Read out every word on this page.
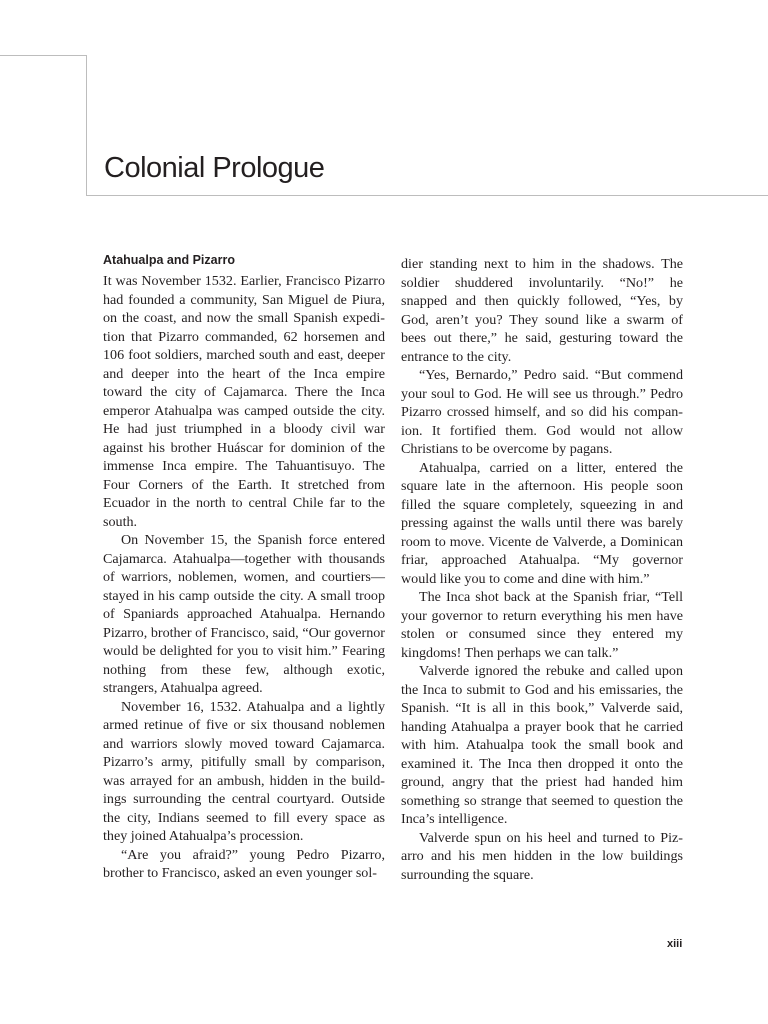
Colonial Prologue
Atahualpa and Pizarro

It was November 1532. Earlier, Francisco Pizarro had founded a community, San Miguel de Piura, on the coast, and now the small Spanish expedition that Pizarro commanded, 62 horsemen and 106 foot soldiers, marched south and east, deeper and deeper into the heart of the Inca empire toward the city of Cajamarca. There the Inca emperor Atahualpa was camped outside the city. He had just triumphed in a bloody civil war against his brother Huáscar for dominion of the immense Inca empire. The Tahuantisuyo. The Four Corners of the Earth. It stretched from Ecuador in the north to central Chile far to the south.

On November 15, the Spanish force entered Cajamarca. Atahualpa—together with thousands of warriors, noblemen, women, and courtiers—stayed in his camp outside the city. A small troop of Spaniards approached Atahualpa. Hernando Pizarro, brother of Francisco, said, “Our governor would be delighted for you to visit him.” Fearing nothing from these few, although exotic, strangers, Atahualpa agreed.

November 16, 1532. Atahualpa and a lightly armed retinue of five or six thousand noblemen and warriors slowly moved toward Cajamarca. Pizarro’s army, pitifully small by comparison, was arrayed for an ambush, hidden in the buildings surrounding the central courtyard. Outside the city, Indians seemed to fill every space as they joined Atahualpa’s procession.

“Are you afraid?” young Pedro Pizarro, brother to Francisco, asked an even younger sol-

dier standing next to him in the shadows. The soldier shuddered involuntarily. “No!” he snapped and then quickly followed, “Yes, by God, aren’t you? They sound like a swarm of bees out there,” he said, gesturing toward the entrance to the city.

“Yes, Bernardo,” Pedro said. “But commend your soul to God. He will see us through.” Pedro Pizarro crossed himself, and so did his companion. It fortified them. God would not allow Christians to be overcome by pagans.

Atahualpa, carried on a litter, entered the square late in the afternoon. His people soon filled the square completely, squeezing in and pressing against the walls until there was barely room to move. Vicente de Valverde, a Dominican friar, approached Atahualpa. “My governor would like you to come and dine with him.”

The Inca shot back at the Spanish friar, “Tell your governor to return everything his men have stolen or consumed since they entered my kingdoms! Then perhaps we can talk.”

Valverde ignored the rebuke and called upon the Inca to submit to God and his emissaries, the Spanish. “It is all in this book,” Valverde said, handing Atahualpa a prayer book that he carried with him. Atahualpa took the small book and examined it. The Inca then dropped it onto the ground, angry that the priest had handed him something so strange that seemed to question the Inca’s intelligence.

Valverde spun on his heel and turned to Pizarro and his men hidden in the low buildings surrounding the square.

xiii
